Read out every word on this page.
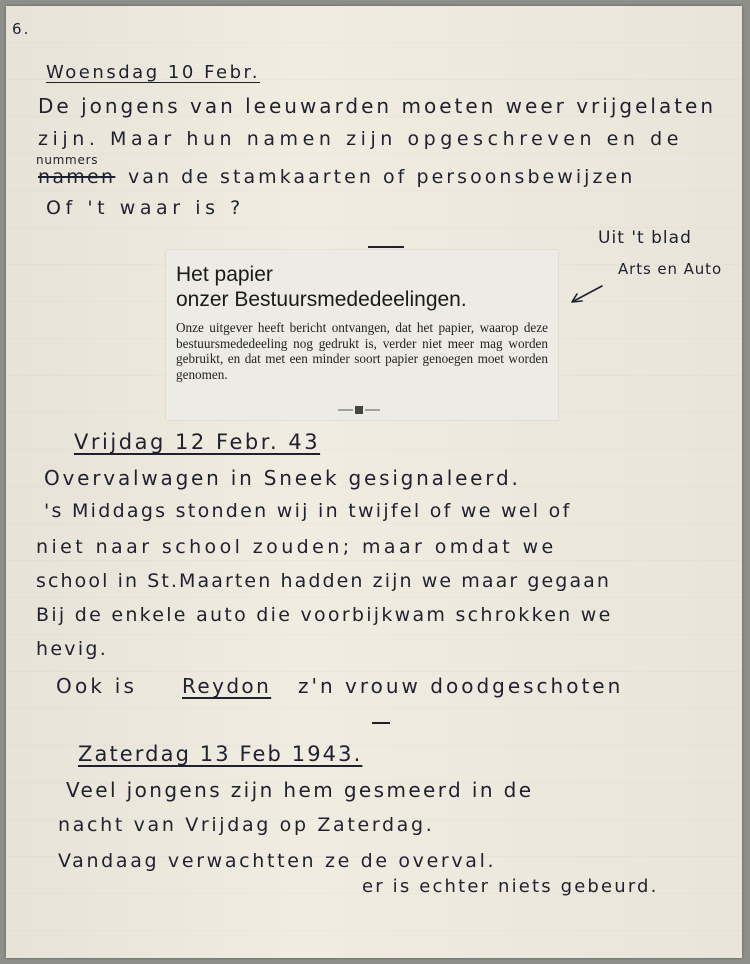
6.
Woensdag 10 Febr.
De jongens van leeuwarden moeten weer vrijgelaten
zijn. Maar hun namen zijn opgeschreven en de
nummers
namen van de stamkaarten of persoonsbewijzen
Of 't waar is ?
Uit 't blad
Arts en Auto
Het papier
onzer Bestuursmededeelingen.
Onze uitgever heeft bericht ontvangen, dat het papier, waarop deze bestuursmededeeling nog gedrukt is, verder niet meer mag worden gebruikt, en dat met een minder soort papier genoegen moet worden genomen.
Vrijdag 12 Febr. 43
Overvalwagen in Sneek gesignaleerd.
's Middags stonden wij in twijfel of we wel of
niet naar school zouden; maar omdat we
school in St.Maarten hadden zijn we maar gegaan
Bij de enkele auto die voorbijkwam schrokken we
hevig.
Ook is Reydon z'n vrouw doodgeschoten
Zaterdag 13 Feb 1943.
Veel jongens zijn hem gesmeerd in de
nacht van Vrijdag op Zaterdag.
Vandaag verwachtten ze de overval.
er is echter niets gebeurd.
